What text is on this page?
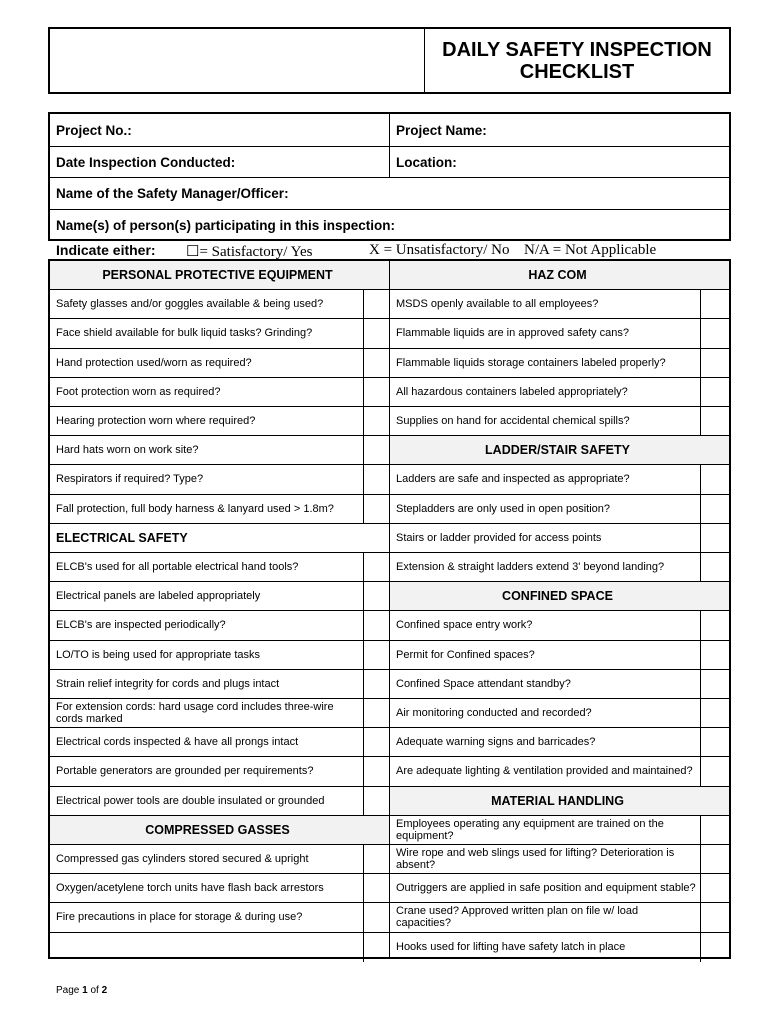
DAILY SAFETY INSPECTION CHECKLIST
Project No.:	Project Name:
Date Inspection Conducted:	Location:
Name of the Safety Manager/Officer:
Name(s) of person(s) participating in this inspection:
Indicate either: ☐= Satisfactory/ Yes	X = Unsatisfactory/ No N/A = Not Applicable
PERSONAL PROTECTIVE EQUIPMENT
Safety glasses and/or goggles available & being used?
Face shield available for bulk liquid tasks? Grinding?
Hand protection used/worn as required?
Foot protection worn as required?
Hearing protection worn where required?
Hard hats worn on work site?
Respirators if required? Type?
Fall protection, full body harness & lanyard used > 1.8m?
ELECTRICAL SAFETY
ELCB's used for all portable electrical hand tools?
Electrical panels are labeled appropriately
ELCB's are inspected periodically?
LO/TO is being used for appropriate tasks
Strain relief integrity for cords and plugs intact
For extension cords: hard usage cord includes three-wire cords marked
Electrical cords inspected & have all prongs intact
Portable generators are grounded per requirements?
Electrical power tools are double insulated or grounded
COMPRESSED GASSES
Compressed gas cylinders stored secured & upright
Oxygen/acetylene torch units have flash back arrestors
Fire precautions in place for storage & during use?
HAZ COM
MSDS openly available to all employees?
Flammable liquids are in approved safety cans?
Flammable liquids storage containers labeled properly?
All hazardous containers labeled appropriately?
Supplies on hand for accidental chemical spills?
LADDER/STAIR SAFETY
Ladders are safe and inspected as appropriate?
Stepladders are only used in open position?
Stairs or ladder provided for access points
Extension & straight ladders extend 3' beyond landing?
CONFINED SPACE
Confined space entry work?
Permit for Confined spaces?
Confined Space attendant standby?
Air monitoring conducted and recorded?
Adequate warning signs and barricades?
Are adequate lighting & ventilation provided and maintained?
MATERIAL HANDLING
Employees operating any equipment are trained on the equipment?
Wire rope and web slings used for lifting? Deterioration is absent?
Outriggers are applied in safe position and equipment stable?
Crane used? Approved written plan on file w/ load capacities?
Hooks used for lifting have safety latch in place
Page 1 of 2
